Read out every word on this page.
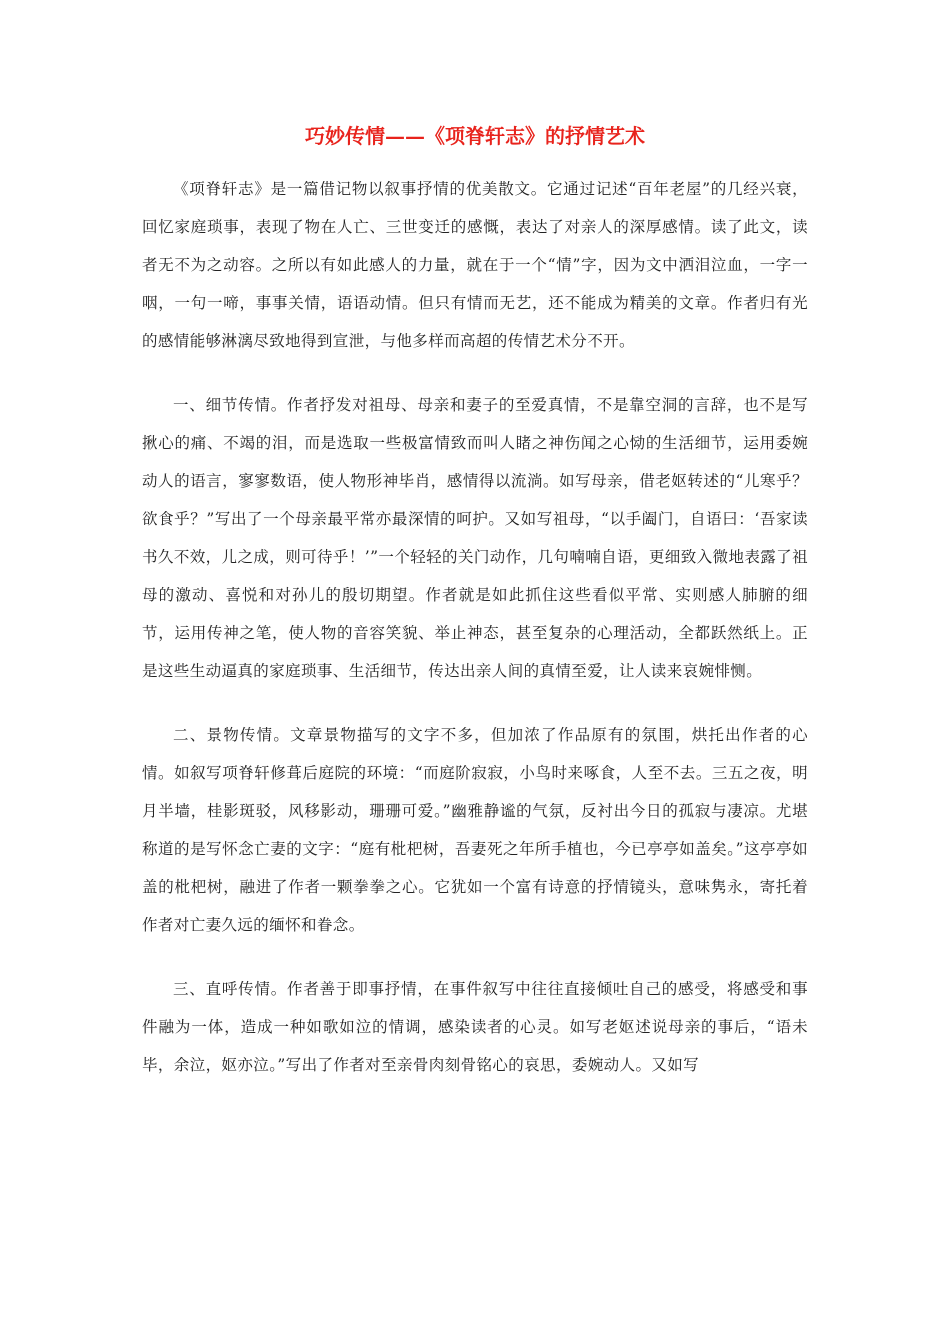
巧妙传情——《项脊轩志》的抒情艺术

《项脊轩志》是一篇借记物以叙事抒情的优美散文。它通过记述“百年老屋”的几经兴衰，回忆家庭琐事，表现了物在人亡、三世变迁的感慨，表达了对亲人的深厚感情。读了此文，读者无不为之动容。之所以有如此感人的力量，就在于一个“情”字，因为文中洒泪泣血，一字一咽，一句一啼，事事关情，语语动情。但只有情而无艺，还不能成为精美的文章。作者归有光的感情能够淋漓尽致地得到宣泄，与他多样而高超的传情艺术分不开。

一、细节传情。作者抒发对祖母、母亲和妻子的至爱真情，不是靠空洞的言辞，也不是写揪心的痛、不竭的泪，而是选取一些极富情致而叫人睹之神伤闻之心恸的生活细节，运用委婉动人的语言，寥寥数语，使人物形神毕肖，感情得以流淌。如写母亲，借老妪转述的“儿寒乎？欲食乎？”写出了一个母亲最平常亦最深情的呵护。又如写祖母，“以手阖门，自语曰：‘吾家读书久不效，儿之成，则可待乎！’”一个轻轻的关门动作，几句喃喃自语，更细致入微地表露了祖母的激动、喜悦和对孙儿的殷切期望。作者就是如此抓住这些看似平常、实则感人肺腑的细节，运用传神之笔，使人物的音容笑貌、举止神态，甚至复杂的心理活动，全都跃然纸上。正是这些生动逼真的家庭琐事、生活细节，传达出亲人间的真情至爱，让人读来哀婉悱恻。

二、景物传情。文章景物描写的文字不多，但加浓了作品原有的氛围，烘托出作者的心情。如叙写项脊轩修葺后庭院的环境：“而庭阶寂寂，小鸟时来啄食，人至不去。三五之夜，明月半墙，桂影斑驳，风移影动，珊珊可爱。”幽雅静谧的气氛，反衬出今日的孤寂与凄凉。尤堪称道的是写怀念亡妻的文字：“庭有枇杷树，吾妻死之年所手植也，今已亭亭如盖矣。”这亭亭如盖的枇杷树，融进了作者一颗拳拳之心。它犹如一个富有诗意的抒情镜头，意味隽永，寄托着作者对亡妻久远的缅怀和眷念。

三、直呼传情。作者善于即事抒情，在事件叙写中往往直接倾吐自己的感受，将感受和事件融为一体，造成一种如歌如泣的情调，感染读者的心灵。如写老妪述说母亲的事后，“语未毕，余泣，妪亦泣。”写出了作者对至亲骨肉刻骨铭心的哀思，委婉动人。又如写
